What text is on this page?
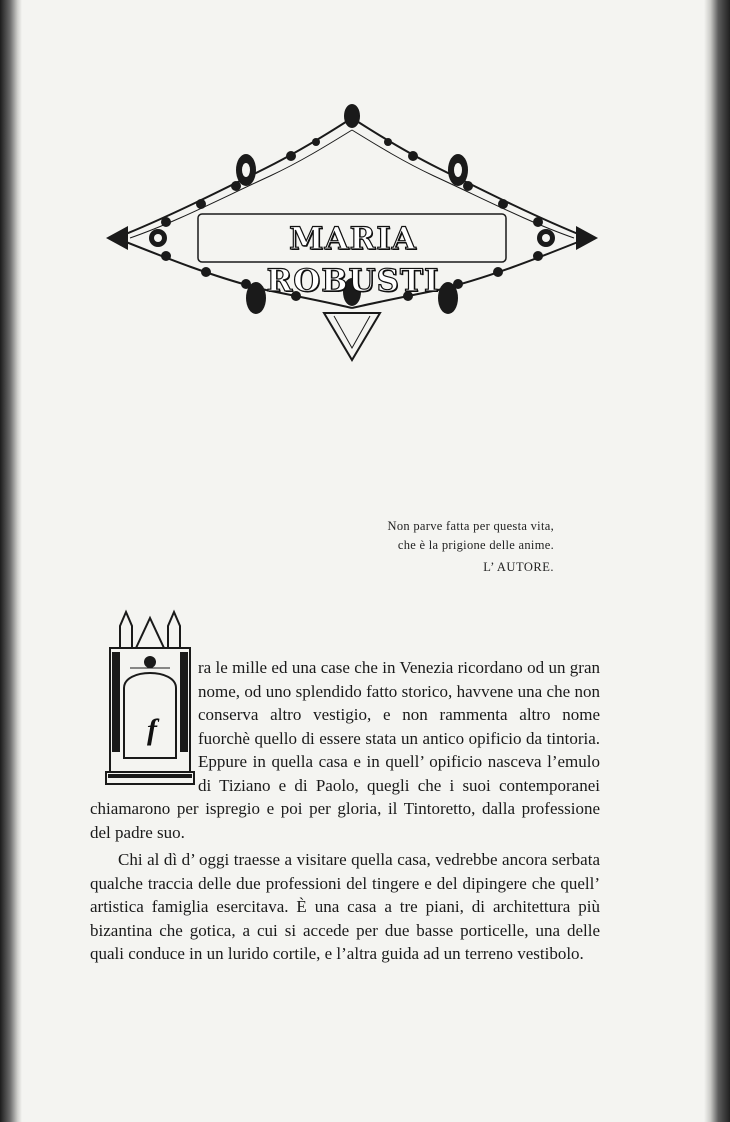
MARIA ROBUSTI
Non parve fatta per questa vita,
che è la prigione delle anime.
L’ AUTORE.
f

ra le mille ed una case che in Venezia ricordano od un gran nome, od uno splendido fatto storico, havvene una che non conserva altro vestigio, e non rammenta altro nome fuorchè quello di essere stata un antico opificio da tintoria. Eppure in quella casa e in quell’ opificio nasceva l’emulo di Tiziano e di Paolo, quegli che i suoi contemporanei chiamarono per ispregio e poi per gloria, il Tintoretto, dalla professione del padre suo.

Chi al dì d’ oggi traesse a visitare quella casa, vedrebbe ancora serbata qualche traccia delle due professioni del tingere e del dipingere che quell’ artistica famiglia esercitava. È una casa a tre piani, di architettura più bizantina che gotica, a cui si accede per due basse porticelle, una delle quali conduce in un lurido cortile, e l’altra guida ad un terreno vestibolo.
